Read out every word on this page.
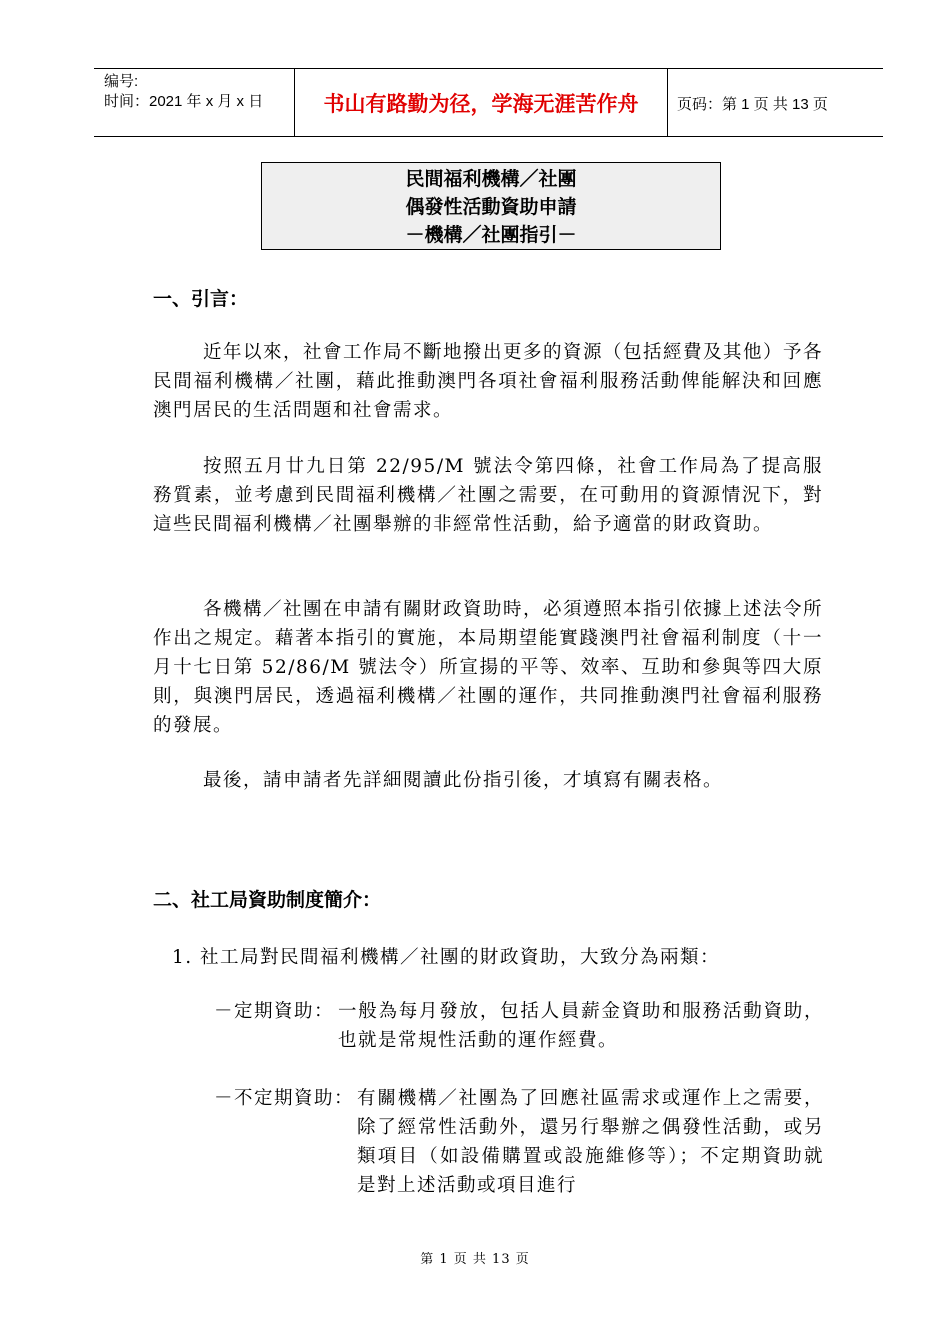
编号:
时间：2021 年 x 月 x 日	书山有路勤为径，学海无涯苦作舟	页码：第 1 页 共 13 页
民間福利機構／社團
偶發性活動資助申請
－機構／社團指引－
一、引言：
近年以來，社會工作局不斷地撥出更多的資源（包括經費及其他）予各民間福利機構／社團，藉此推動澳門各項社會福利服務活動俾能解決和回應澳門居民的生活問題和社會需求。
按照五月廿九日第 22/95/M 號法令第四條，社會工作局為了提高服務質素，並考慮到民間福利機構／社團之需要，在可動用的資源情況下，對這些民間福利機構／社團舉辦的非經常性活動，給予適當的財政資助。
各機構／社團在申請有關財政資助時，必須遵照本指引依據上述法令所作出之規定。藉著本指引的實施，本局期望能實踐澳門社會福利制度（十一月十七日第 52/86/M 號法令）所宣揚的平等、效率、互助和參與等四大原則，與澳門居民，透過福利機構／社團的運作，共同推動澳門社會福利服務的發展。
最後，請申請者先詳細閱讀此份指引後，才填寫有關表格。
二、社工局資助制度簡介：
1. 社工局對民間福利機構／社團的財政資助，大致分為兩類：
－定期資助： 一般為每月發放，包括人員薪金資助和服務活動資助，也就是常規性活動的運作經費。
－不定期資助： 有關機構／社團為了回應社區需求或運作上之需要，除了經常性活動外，還另行舉辦之偶發性活動，或另類項目（如設備購置或設施維修等）；不定期資助就是對上述活動或項目進行
第 1 页 共 13 页
